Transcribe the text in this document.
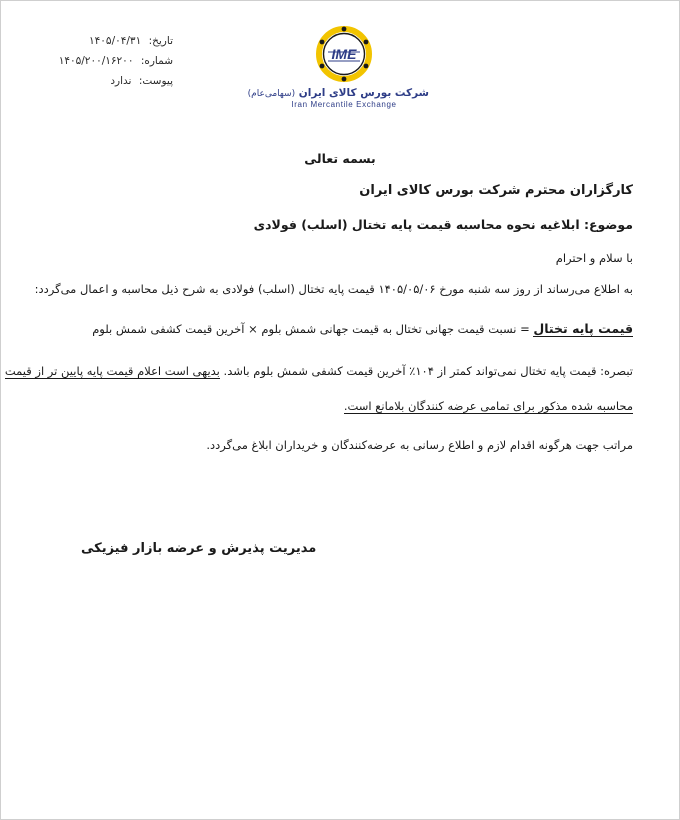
تاریخ: ۱۴۰۵/۰۴/۳۱
شماره: ۱۴۰۵/۲۰۰/۱۶۲۰۰
پیوست: ندارد
IME
شرکت بورس کالای ایران (سهامی‌عام)
Iran Mercantile Exchange
بسمه تعالی
کارگزاران محترم شرکت بورس کالای ایران
موضوع: ابلاغیه نحوه محاسبه قیمت پایه تختال (اسلب) فولادی
با سلام و احترام
به اطلاع می‌رساند از روز سه شنبه مورخ ۱۴۰۵/۰۵/۰۶ قیمت پایه تختال (اسلب) فولادی به شرح ذیل محاسبه و اعمال می‌گردد:
قیمت پایه تختال = نسبت قیمت جهانی تختال به قیمت جهانی شمش بلوم × آخرین قیمت کشفی شمش بلوم
تبصره: قیمت پایه تختال نمی‌تواند کمتر از ۱۰۴٪ آخرین قیمت کشفی شمش بلوم باشد. بدیهی است اعلام قیمت پایه پایین تر از قیمت
محاسبه شده مذکور برای تمامی عرضه کنندگان بلامانع است.
مراتب جهت هرگونه اقدام لازم و اطلاع رسانی به عرضه‌کنندگان و خریداران ابلاغ می‌گردد.
مدیریت پذیرش و عرضه بازار فیزیکی
